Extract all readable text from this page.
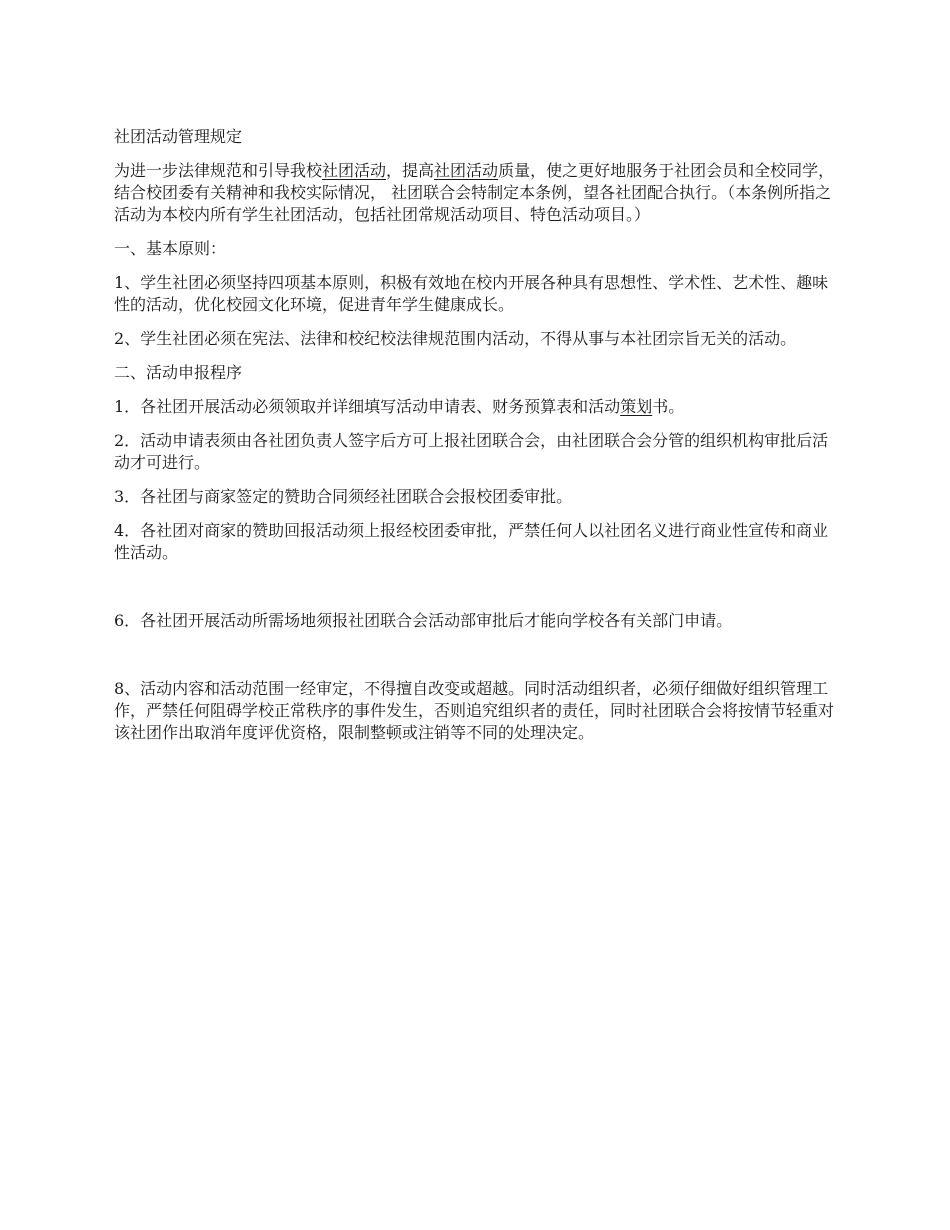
社团活动管理规定
为进一步法律规范和引导我校社团活动，提高社团活动质量，使之更好地服务于社团会员和全校同学，结合校团委有关精神和我校实际情况， 社团联合会特制定本条例，望各社团配合执行。（本条例所指之活动为本校内所有学生社团活动，包括社团常规活动项目、特色活动项目。）
一、基本原则：
1、学生社团必须坚持四项基本原则，积极有效地在校内开展各种具有思想性、学术性、艺术性、趣味性的活动，优化校园文化环境，促进青年学生健康成长。
2、学生社团必须在宪法、法律和校纪校法律规范围内活动，不得从事与本社团宗旨无关的活动。
二、活动申报程序
1．各社团开展活动必须领取并详细填写活动申请表、财务预算表和活动策划书。
2．活动申请表须由各社团负责人签字后方可上报社团联合会，由社团联合会分管的组织机构审批后活动才可进行。
3．各社团与商家签定的赞助合同须经社团联合会报校团委审批。
4．各社团对商家的赞助回报活动须上报经校团委审批，严禁任何人以社团名义进行商业性宣传和商业性活动。
6．各社团开展活动所需场地须报社团联合会活动部审批后才能向学校各有关部门申请。
8、活动内容和活动范围一经审定，不得擅自改变或超越。同时活动组织者，必须仔细做好组织管理工作，严禁任何阻碍学校正常秩序的事件发生，否则追究组织者的责任，同时社团联合会将按情节轻重对该社团作出取消年度评优资格，限制整顿或注销等不同的处理决定。
